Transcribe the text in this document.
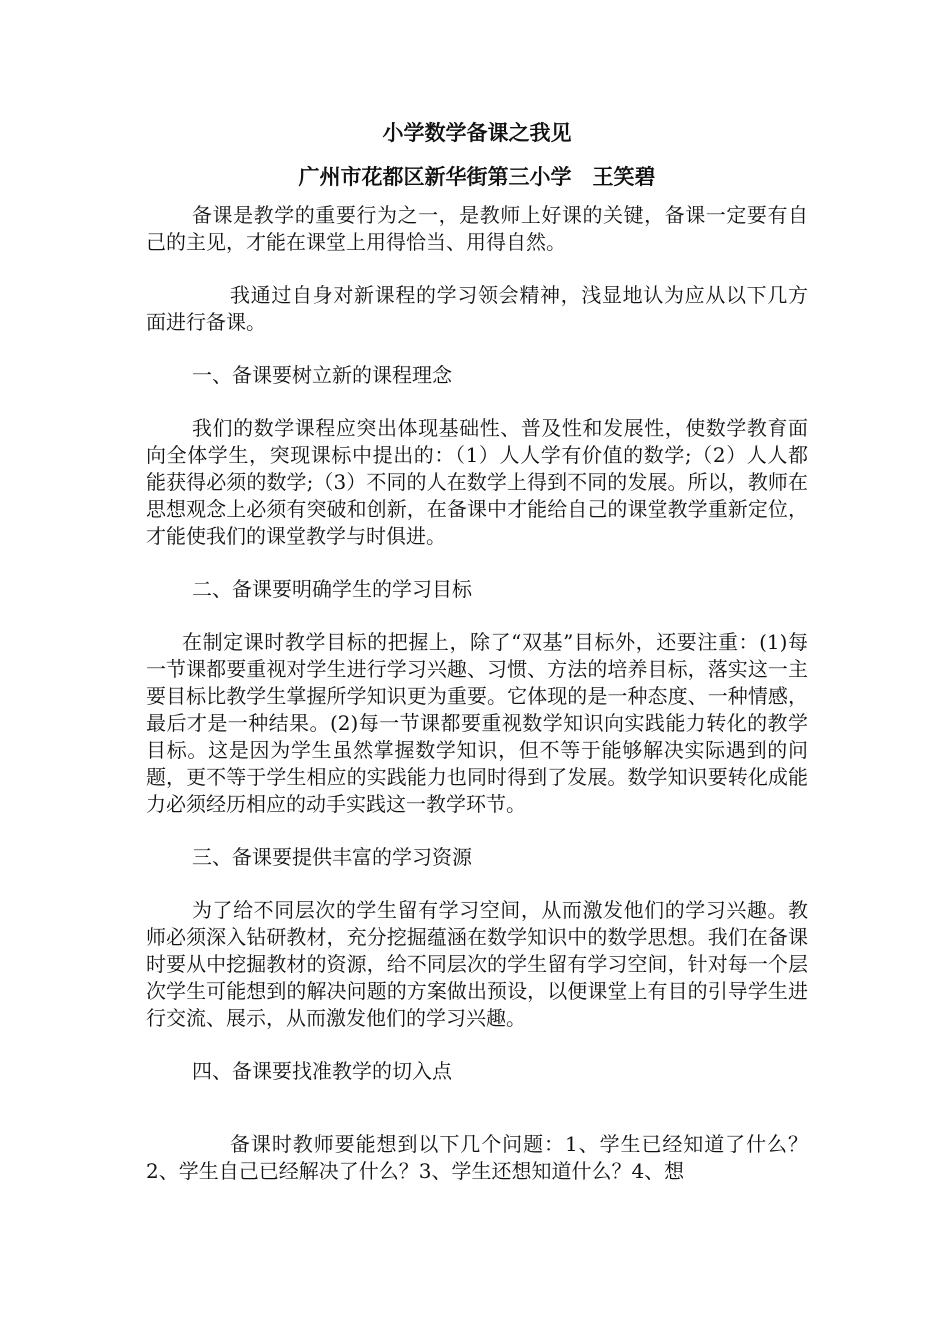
小学数学备课之我见
广州市花都区新华街第三小学　王笑碧

备课是教学的重要行为之一，是教师上好课的关键，备课一定要有自己的主见，才能在课堂上用得恰当、用得自然。

我通过自身对新课程的学习领会精神，浅显地认为应从以下几方面进行备课。

一、备课要树立新的课程理念

我们的数学课程应突出体现基础性、普及性和发展性，使数学教育面向全体学生，突现课标中提出的：（1）人人学有价值的数学;（2）人人都能获得必须的数学;（3）不同的人在数学上得到不同的发展。所以，教师在思想观念上必须有突破和创新，在备课中才能给自己的课堂教学重新定位，才能使我们的课堂教学与时俱进。

二、备课要明确学生的学习目标

在制定课时教学目标的把握上，除了“双基”目标外，还要注重：(1)每一节课都要重视对学生进行学习兴趣、习惯、方法的培养目标，落实这一主要目标比教学生掌握所学知识更为重要。它体现的是一种态度、一种情感，最后才是一种结果。(2)每一节课都要重视数学知识向实践能力转化的教学目标。这是因为学生虽然掌握数学知识，但不等于能够解决实际遇到的问题，更不等于学生相应的实践能力也同时得到了发展。数学知识要转化成能力必须经历相应的动手实践这一教学环节。

三、备课要提供丰富的学习资源

为了给不同层次的学生留有学习空间，从而激发他们的学习兴趣。教师必须深入钻研教材，充分挖掘蕴涵在数学知识中的数学思想。我们在备课时要从中挖掘教材的资源，给不同层次的学生留有学习空间，针对每一个层次学生可能想到的解决问题的方案做出预设，以便课堂上有目的引导学生进行交流、展示，从而激发他们的学习兴趣。

四、备课要找准教学的切入点

备课时教师要能想到以下几个问题：1、学生已经知道了什么？2、学生自己已经解决了什么？3、学生还想知道什么？4、想
